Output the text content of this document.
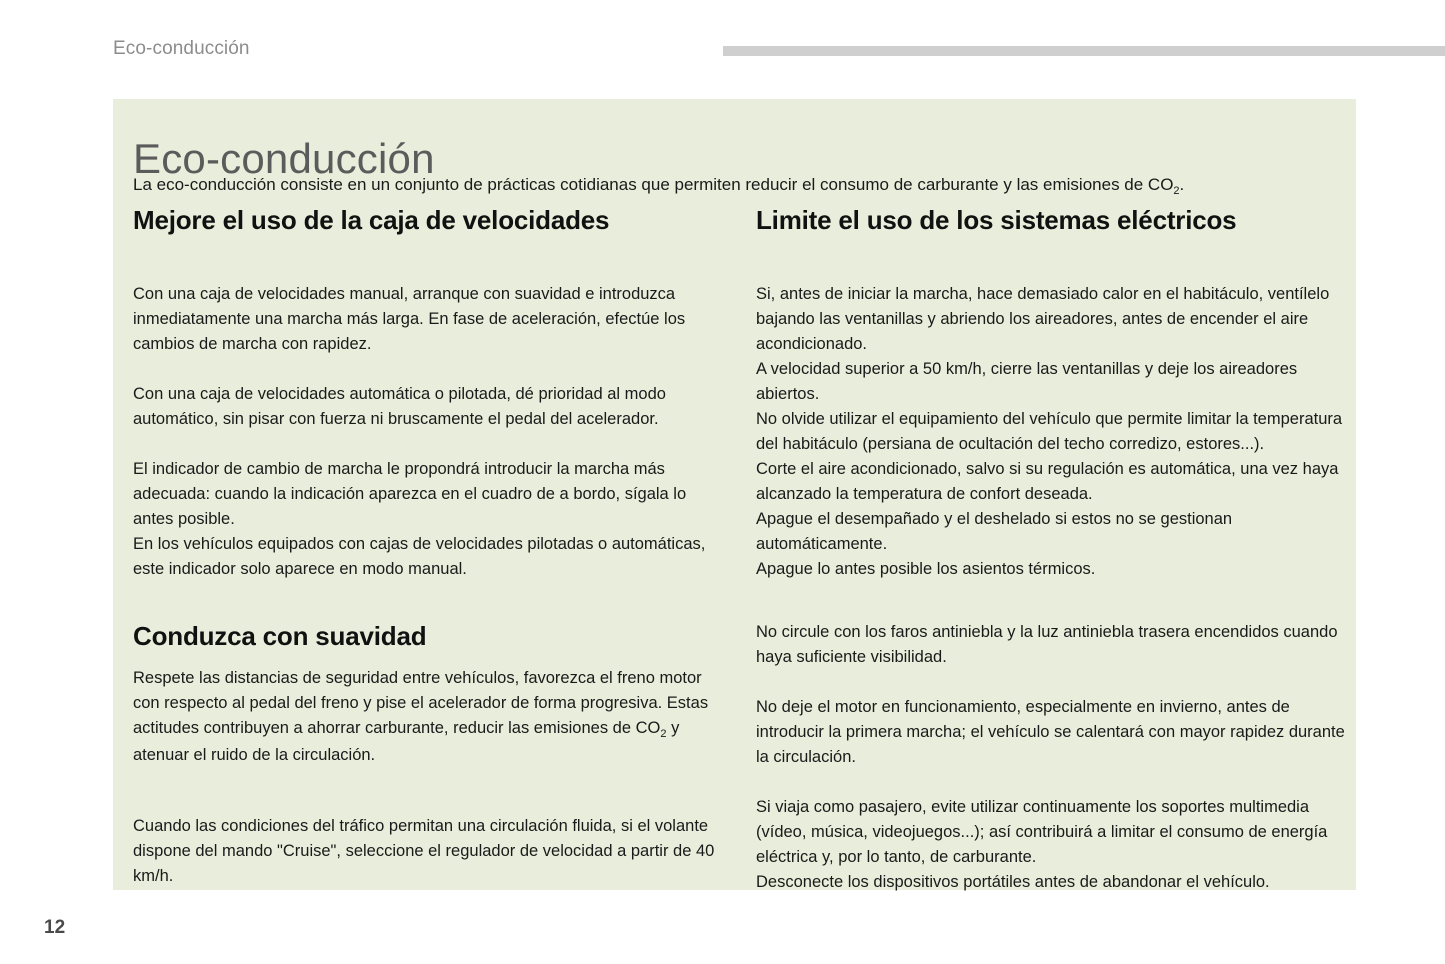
Eco-conducción
Eco-conducción

La eco-conducción consiste en un conjunto de prácticas cotidianas que permiten reducir el consumo de carburante y las emisiones de $CO_2$.

Mejore el uso de la caja de velocidades

Con una caja de velocidades manual, arranque con suavidad e introduzca inmediatamente una marcha más larga. En fase de aceleración, efectúe los cambios de marcha con rapidez.

Con una caja de velocidades automática o pilotada, dé prioridad al modo automático, sin pisar con fuerza ni bruscamente el pedal del acelerador.

El indicador de cambio de marcha le propondrá introducir la marcha más adecuada: cuando la indicación aparezca en el cuadro de a bordo, sígala lo antes posible.

En los vehículos equipados con cajas de velocidades pilotadas o automáticas, este indicador solo aparece en modo manual.

Conduzca con suavidad

Respete las distancias de seguridad entre vehículos, favorezca el freno motor con respecto al pedal del freno y pise el acelerador de forma progresiva. Estas actitudes contribuyen a ahorrar carburante, reducir las emisiones de $CO_2$ y atenuar el ruido de la circulación.

Cuando las condiciones del tráfico permitan una circulación fluida, si el volante dispone del mando "Cruise", seleccione el regulador de velocidad a partir de 40 km/h.

Limite el uso de los sistemas eléctricos

Si, antes de iniciar la marcha, hace demasiado calor en el habitáculo, ventílelo bajando las ventanillas y abriendo los aireadores, antes de encender el aire acondicionado.

A velocidad superior a 50 km/h, cierre las ventanillas y deje los aireadores abiertos.

No olvide utilizar el equipamiento del vehículo que permite limitar la temperatura del habitáculo (persiana de ocultación del techo corredizo, estores...).

Corte el aire acondicionado, salvo si su regulación es automática, una vez haya alcanzado la temperatura de confort deseada.

Apague el desempañado y el deshelado si estos no se gestionan automáticamente.

Apague lo antes posible los asientos térmicos.

No circule con los faros antiniebla y la luz antiniebla trasera encendidos cuando haya suficiente visibilidad.

No deje el motor en funcionamiento, especialmente en invierno, antes de introducir la primera marcha; el vehículo se calentará con mayor rapidez durante la circulación.

Si viaja como pasajero, evite utilizar continuamente los soportes multimedia (vídeo, música, videojuegos...); así contribuirá a limitar el consumo de energía eléctrica y, por lo tanto, de carburante.

Desconecte los dispositivos portátiles antes de abandonar el vehículo.

12
